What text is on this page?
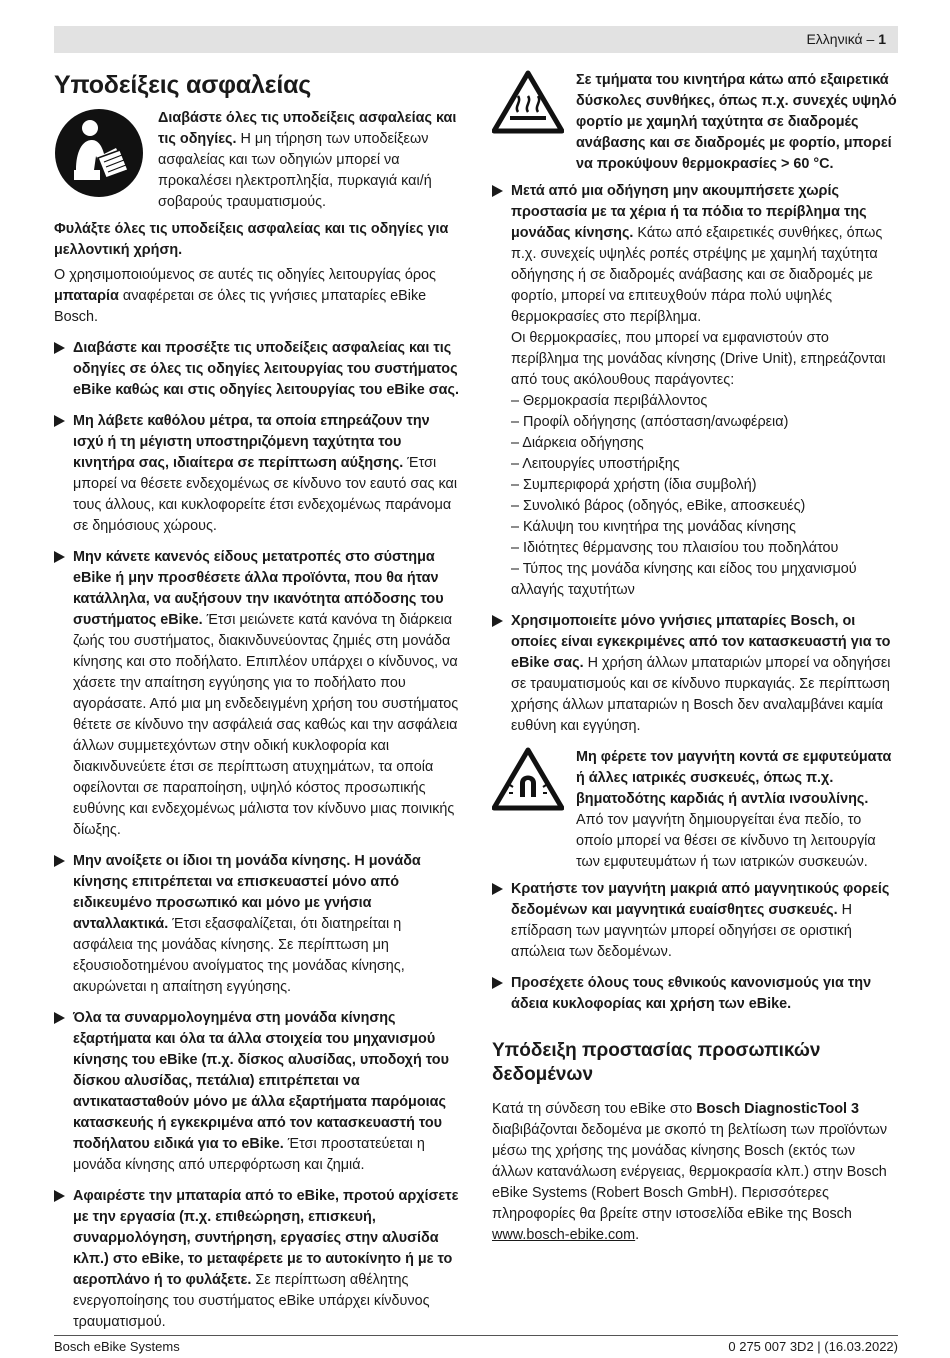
Ελληνικά – 1
Υποδείξεις ασφαλείας
Διαβάστε όλες τις υποδείξεις ασφαλείας και τις οδηγίες. Η μη τήρηση των υποδείξεων ασφαλείας και των οδηγιών μπορεί να προκαλέσει ηλεκτροπληξία, πυρκαγιά και/ή σοβαρούς τραυματισμούς.

Φυλάξτε όλες τις υποδείξεις ασφαλείας και τις οδηγίες για μελλοντική χρήση.

Ο χρησιμοποιούμενος σε αυτές τις οδηγίες λειτουργίας όρος μπαταρία αναφέρεται σε όλες τις γνήσιες μπαταρίες eBike Bosch.

Διαβάστε και προσέξτε τις υποδείξεις ασφαλείας και τις οδηγίες σε όλες τις οδηγίες λειτουργίας του συστήματος eBike καθώς και στις οδηγίες λειτουργίας του eBike σας.
Μη λάβετε καθόλου μέτρα, τα οποία επηρεάζουν την ισχύ ή τη μέγιστη υποστηριζόμενη ταχύτητα του κινητήρα σας, ιδιαίτερα σε περίπτωση αύξησης. Έτσι μπορεί να θέσετε ενδεχομένως σε κίνδυνο τον εαυτό σας και τους άλλους, και κυκλοφορείτε έτσι ενδεχομένως παράνομα σε δημόσιους χώρους.
Μην κάνετε κανενός είδους μετατροπές στο σύστημα eBike ή μην προσθέσετε άλλα προϊόντα, που θα ήταν κατάλληλα, να αυξήσουν την ικανότητα απόδοσης του συστήματος eBike. Έτσι μειώνετε κατά κανόνα τη διάρκεια ζωής του συστήματος, διακινδυνεύοντας ζημιές στη μονάδα κίνησης και στο ποδήλατο. Επιπλέον υπάρχει ο κίνδυνος, να χάσετε την απαίτηση εγγύησης για το ποδήλατο που αγοράσατε. Από μια μη ενδεδειγμένη χρήση του συστήματος θέτετε σε κίνδυνο την ασφάλειά σας καθώς και την ασφάλεια άλλων συμμετεχόντων στην οδική κυκλοφορία και διακινδυνεύετε έτσι σε περίπτωση ατυχημάτων, τα οποία οφείλονται σε παραποίηση, υψηλό κόστος προσωπικής ευθύνης και ενδεχομένως μάλιστα τον κίνδυνο μιας ποινικής δίωξης.
Μην ανοίξετε οι ίδιοι τη μονάδα κίνησης. Η μονάδα κίνησης επιτρέπεται να επισκευαστεί μόνο από ειδικευμένο προσωπικό και μόνο με γνήσια ανταλλακτικά. Έτσι εξασφαλίζεται, ότι διατηρείται η ασφάλεια της μονάδας κίνησης. Σε περίπτωση μη εξουσιοδοτημένου ανοίγματος της μονάδας κίνησης, ακυρώνεται η απαίτηση εγγύησης.
Όλα τα συναρμολογημένα στη μονάδα κίνησης εξαρτήματα και όλα τα άλλα στοιχεία του μηχανισμού κίνησης του eBike (π.χ. δίσκος αλυσίδας, υποδοχή του δίσκου αλυσίδας, πετάλια) επιτρέπεται να αντικατασταθούν μόνο με άλλα εξαρτήματα παρόμοιας κατασκευής ή εγκεκριμένα από τον κατασκευαστή του ποδήλατου ειδικά για το eBike. Έτσι προστατεύεται η μονάδα κίνησης από υπερφόρτωση και ζημιά.
Αφαιρέστε την μπαταρία από το eBike, προτού αρχίσετε με την εργασία (π.χ. επιθεώρηση, επισκευή, συναρμολόγηση, συντήρηση, εργασίες στην αλυσίδα κλπ.) στο eBike, το μεταφέρετε με το αυτοκίνητο ή με το αεροπλάνο ή το φυλάξετε. Σε περίπτωση αθέλητης ενεργοποίησης του συστήματος eBike υπάρχει κίνδυνος τραυματισμού.
Σε τμήματα του κινητήρα κάτω από εξαιρετικά δύσκολες συνθήκες, όπως π.χ. συνεχές υψηλό φορτίο με χαμηλή ταχύτητα σε διαδρομές ανάβασης και σε διαδρομές με φορτίο, μπορεί να προκύψουν θερμοκρασίες > 60 °C.
Μετά από μια οδήγηση μην ακουμπήσετε χωρίς προστασία με τα χέρια ή τα πόδια το περίβλημα της μονάδας κίνησης. Κάτω από εξαιρετικές συνθήκες, όπως π.χ. συνεχείς υψηλές ροπές στρέψης με χαμηλή ταχύτητα οδήγησης ή σε διαδρομές ανάβασης και σε διαδρομές με φορτίο, μπορεί να επιτευχθούν πάρα πολύ υψηλές θερμοκρασίες στο περίβλημα.
Οι θερμοκρασίες, που μπορεί να εμφανιστούν στο περίβλημα της μονάδας κίνησης (Drive Unit), επηρεάζονται από τους ακόλουθους παράγοντες:
– Θερμοκρασία περιβάλλοντος
– Προφίλ οδήγησης (απόσταση/ανωφέρεια)
– Διάρκεια οδήγησης
– Λειτουργίες υποστήριξης
– Συμπεριφορά χρήστη (ίδια συμβολή)
– Συνολικό βάρος (οδηγός, eBike, αποσκευές)
– Κάλυψη του κινητήρα της μονάδας κίνησης
– Ιδιότητες θέρμανσης του πλαισίου του ποδηλάτου
– Τύπος της μονάδα κίνησης και είδος του μηχανισμού αλλαγής ταχυτήτων
Χρησιμοποιείτε μόνο γνήσιες μπαταρίες Bosch, οι οποίες είναι εγκεκριμένες από τον κατασκευαστή για το eBike σας. Η χρήση άλλων μπαταριών μπορεί να οδηγήσει σε τραυματισμούς και σε κίνδυνο πυρκαγιάς. Σε περίπτωση χρήσης άλλων μπαταριών η Bosch δεν αναλαμβάνει καμία ευθύνη και εγγύηση.
Μη φέρετε τον μαγνήτη κοντά σε εμφυτεύματα ή άλλες ιατρικές συσκευές, όπως π.χ. βηματοδότης καρδιάς ή αντλία ινσουλίνης. Από τον μαγνήτη δημιουργείται ένα πεδίο, το οποίο μπορεί να θέσει σε κίνδυνο τη λειτουργία των εμφυτευμάτων ή των ιατρικών συσκευών.
Κρατήστε τον μαγνήτη μακριά από μαγνητικούς φορείς δεδομένων και μαγνητικά ευαίσθητες συσκευές. Η επίδραση των μαγνητών μπορεί οδηγήσει σε οριστική απώλεια των δεδομένων.
Προσέχετε όλους τους εθνικούς κανονισμούς για την άδεια κυκλοφορίας και χρήση των eBike.
Υπόδειξη προστασίας προσωπικών δεδομένων

Κατά τη σύνδεση του eBike στο Bosch DiagnosticTool 3 διαβιβάζονται δεδομένα με σκοπό τη βελτίωση των προϊόντων μέσω της χρήσης της μονάδας κίνησης Bosch (εκτός των άλλων κατανάλωση ενέργειας, θερμοκρασία κλπ.) στην Bosch eBike Systems (Robert Bosch GmbH). Περισσότερες πληροφορίες θα βρείτε στην ιστοσελίδα eBike της Bosch www.bosch-ebike.com.

Bosch eBike Systems	0 275 007 3D2 | (16.03.2022)
